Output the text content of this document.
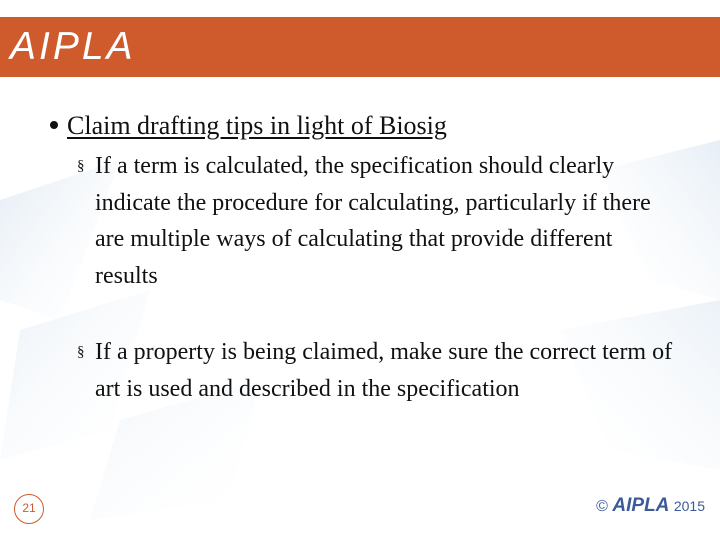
AIPLA
Claim drafting tips in light of Biosig
§ If a term is calculated, the specification should clearly indicate the procedure for calculating, particularly if there are multiple ways of calculating that provide different results
§ If a property is being claimed, make sure the correct term of art is used and described in the specification
21	© AIPLA 2015
